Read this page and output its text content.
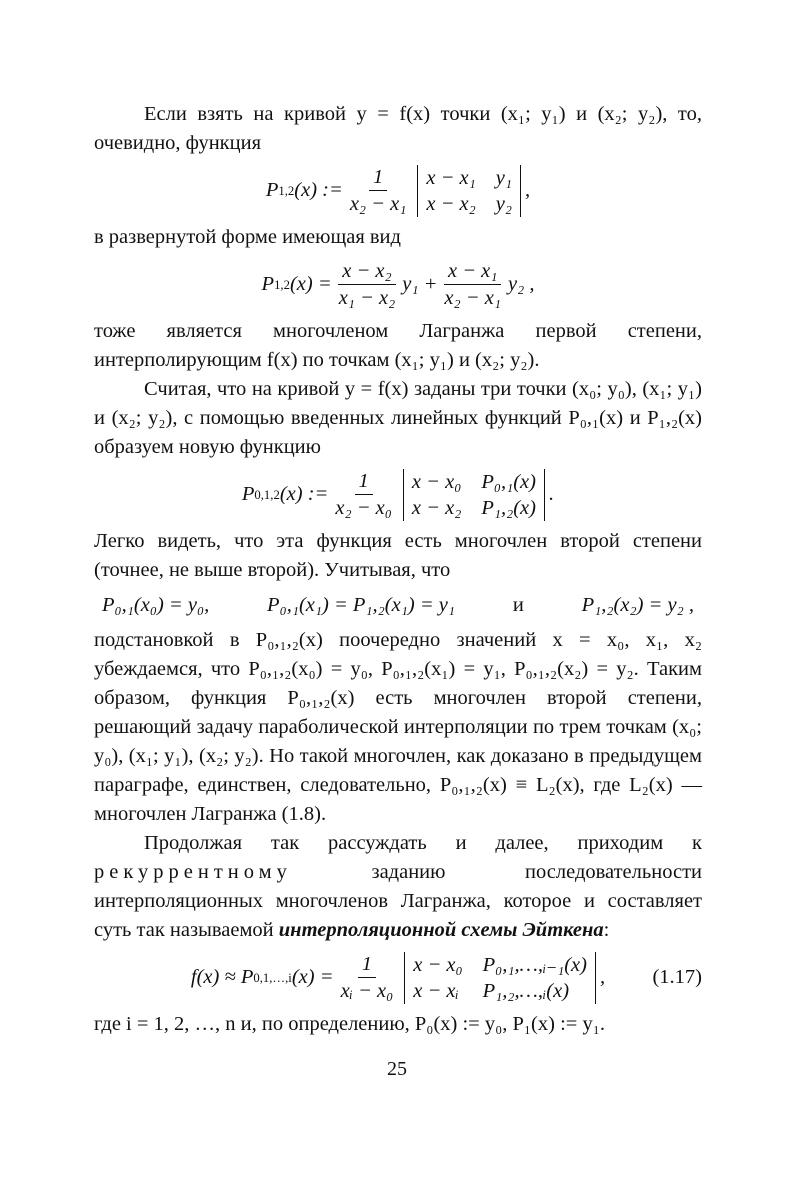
Если взять на кривой y = f(x) точки (x₁; y₁) и (x₂; y₂), то, очевидно, функция

P 1,2 (x) := $\frac{1}{\text{x₂ − x₁}}$ x − x₁ y₁
x − x₂ y₂
,

в развернутой форме имеющая вид

P 1,2 $(x) = \frac{\text{x − x₂}}{\text{x₁ − x₂}} y_1 + \frac{\text{x − x₁}}{\text{x₂ − x₁}} y_2$ ,

тоже является многочленом Лагранжа первой степени, интерполирующим f(x) по точкам (x₁; y₁) и (x₂; y₂).

Считая, что на кривой y = f(x) заданы три точки (x₀; y₀), (x₁; y₁) и (x₂; y₂), с помощью введенных линейных функций P₀,₁(x) и P₁,₂(x) образуем новую функцию

P 0,1,2 (x) := $\frac{1}{\text{x₂ − x₀}}$ x − x₀ P₀,₁(x)
x − x₂ P₁,₂(x)
.

Легко видеть, что эта функция есть многочлен второй степени (точнее, не выше второй). Учитывая, что

P₀,₁(x₀) = y₀,	P₀,₁(x₁) = P₁,₂(x₁) = y₁	и	P₁,₂(x₂) = y₂ ,

подстановкой в P₀,₁,₂(x) поочередно значений x = x₀, x₁, x₂ убеждаемся, что P₀,₁,₂(x₀) = y₀, P₀,₁,₂(x₁) = y₁, P₀,₁,₂(x₂) = y₂. Таким образом, функция P₀,₁,₂(x) есть многочлен второй степени, решающий задачу параболической интерполяции по трем точкам (x₀; y₀), (x₁; y₁), (x₂; y₂). Но такой многочлен, как доказано в предыдущем параграфе, единствен, следовательно, P₀,₁,₂(x) ≡ L₂(x), где L₂(x) — многочлен Лагранжа (1.8).

Продолжая так рассуждать и далее, приходим к рекуррентному	заданию последовательности интерполяционных многочленов Лагранжа, которое и составляет суть так называемой интерполяционной схемы Эйткена:

f(x) ≈ P 0,1,…,i $(x) = \frac{1}{\text{xᵢ − x₀}}$ x − x₀ P₀,₁,…,ᵢ₋₁(x)
x − xᵢ P₁,₂,…,ᵢ(x)
, (1.17)

где i = 1, 2, …, n и, по определению, P₀(x) := y₀, P₁(x) := y₁.

25
